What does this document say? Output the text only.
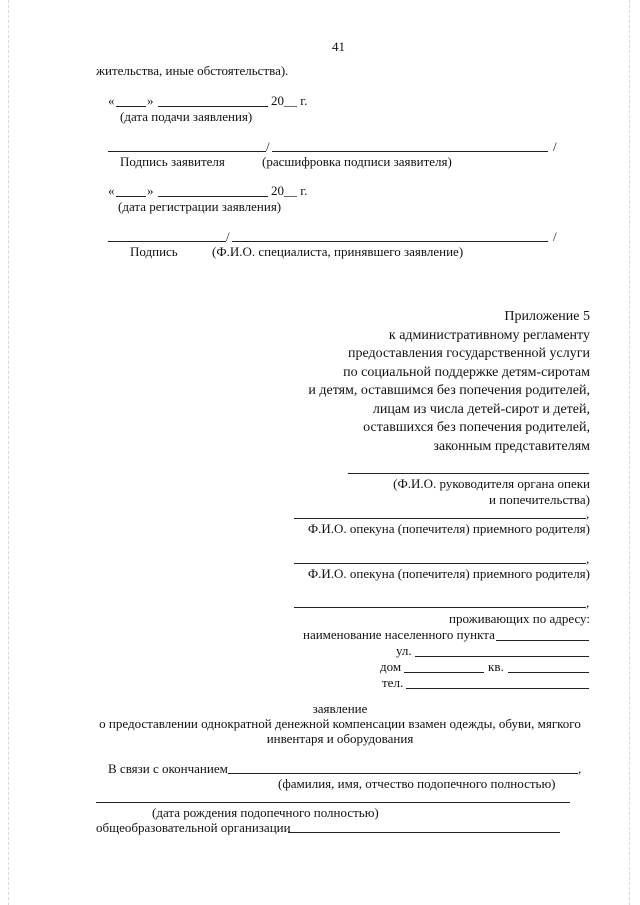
41
жительства, иные обстоятельства).
«	»	20__ г.
(дата подачи заявления)
/	/
Подпись заявителя	(расшифровка подписи заявителя)
«	»	20__ г.
(дата регистрации заявления)
/	/
Подпись	(Ф.И.О. специалиста, принявшего заявление)
Приложение 5
к административному регламенту
предоставления государственной услуги
по социальной поддержке детям-сиротам
и детям, оставшимся без попечения родителей,
лицам из числа детей-сирот и детей,
оставшихся без попечения родителей,
законным представителям
(Ф.И.О. руководителя органа опеки
и попечительства)
,
Ф.И.О. опекуна (попечителя) приемного родителя)
,
Ф.И.О. опекуна (попечителя) приемного родителя)
,
проживающих по адресу:
наименование населенного пункта
ул.
дом	кв.
тел.
заявление
о предоставлении однократной денежной компенсации взамен одежды, обуви, мягкого
инвентаря и оборудования
В связи с окончанием	,
(фамилия, имя, отчество подопечного полностью)
(дата рождения подопечного полностью)
общеобразовательной организации
